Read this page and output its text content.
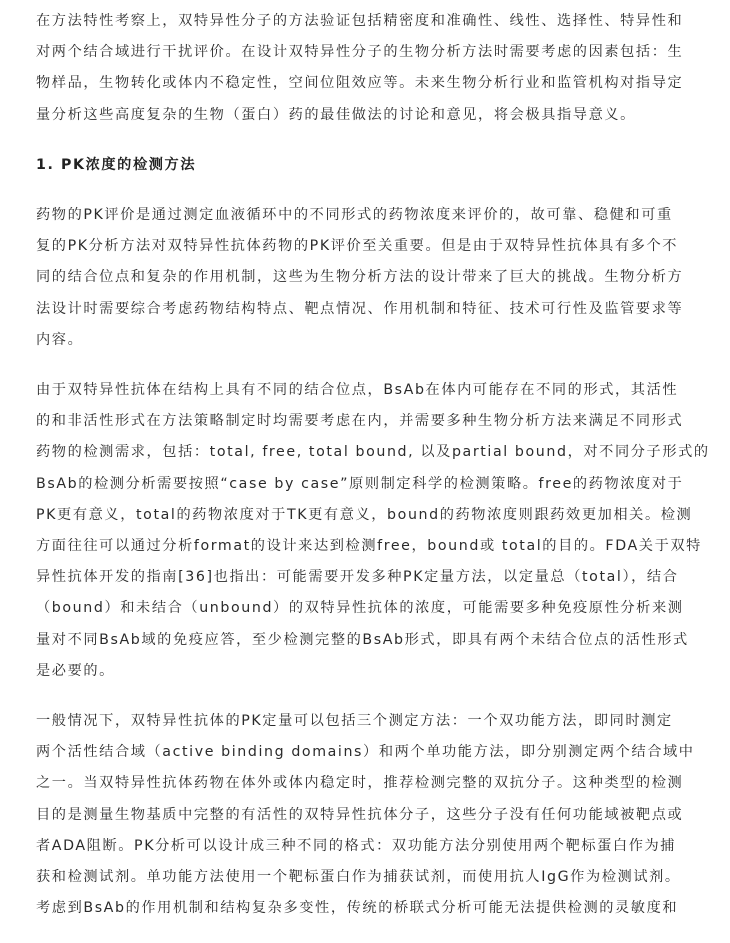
在方法特性考察上，双特异性分子的方法验证包括精密度和准确性、线性、选择性、特异性和
对两个结合域进行干扰评价。在设计双特异性分子的生物分析方法时需要考虑的因素包括：生
物样品，生物转化或体内不稳定性，空间位阻效应等。未来生物分析行业和监管机构对指导定
量分析这些高度复杂的生物（蛋白）药的最佳做法的讨论和意见，将会极具指导意义。

1. PK浓度的检测方法

药物的PK评价是通过测定血液循环中的不同形式的药物浓度来评价的，故可靠、稳健和可重
复的PK分析方法对双特异性抗体药物的PK评价至关重要。但是由于双特异性抗体具有多个不
同的结合位点和复杂的作用机制，这些为生物分析方法的设计带来了巨大的挑战。生物分析方
法设计时需要综合考虑药物结构特点、靶点情况、作用机制和特征、技术可行性及监管要求等
内容。

由于双特异性抗体在结构上具有不同的结合位点，BsAb在体内可能存在不同的形式，其活性
的和非活性形式在方法策略制定时均需要考虑在内，并需要多种生物分析方法来满足不同形式
药物的检测需求，包括：total, free, total bound, 以及partial bound，对不同分子形式的
BsAb的检测分析需要按照“case by case”原则制定科学的检测策略。free的药物浓度对于
PK更有意义，total的药物浓度对于TK更有意义，bound的药物浓度则跟药效更加相关。检测
方面往往可以通过分析format的设计来达到检测free，bound或 total的目的。FDA关于双特
异性抗体开发的指南[36]也指出：可能需要开发多种PK定量方法，以定量总（total），结合
（bound）和未结合（unbound）的双特异性抗体的浓度，可能需要多种免疫原性分析来测
量对不同BsAb域的免疫应答，至少检测完整的BsAb形式，即具有两个未结合位点的活性形式
是必要的。

一般情况下，双特异性抗体的PK定量可以包括三个测定方法：一个双功能方法，即同时测定
两个活性结合域（active binding domains）和两个单功能方法，即分别测定两个结合域中
之一。当双特异性抗体药物在体外或体内稳定时，推荐检测完整的双抗分子。这种类型的检测
目的是测量生物基质中完整的有活性的双特异性抗体分子，这些分子没有任何功能域被靶点或
者ADA阻断。PK分析可以设计成三种不同的格式：双功能方法分别使用两个靶标蛋白作为捕
获和检测试剂。单功能方法使用一个靶标蛋白作为捕获试剂，而使用抗人IgG作为检测试剂。
考虑到BsAb的作用机制和结构复杂多变性，传统的桥联式分析可能无法提供检测的灵敏度和
